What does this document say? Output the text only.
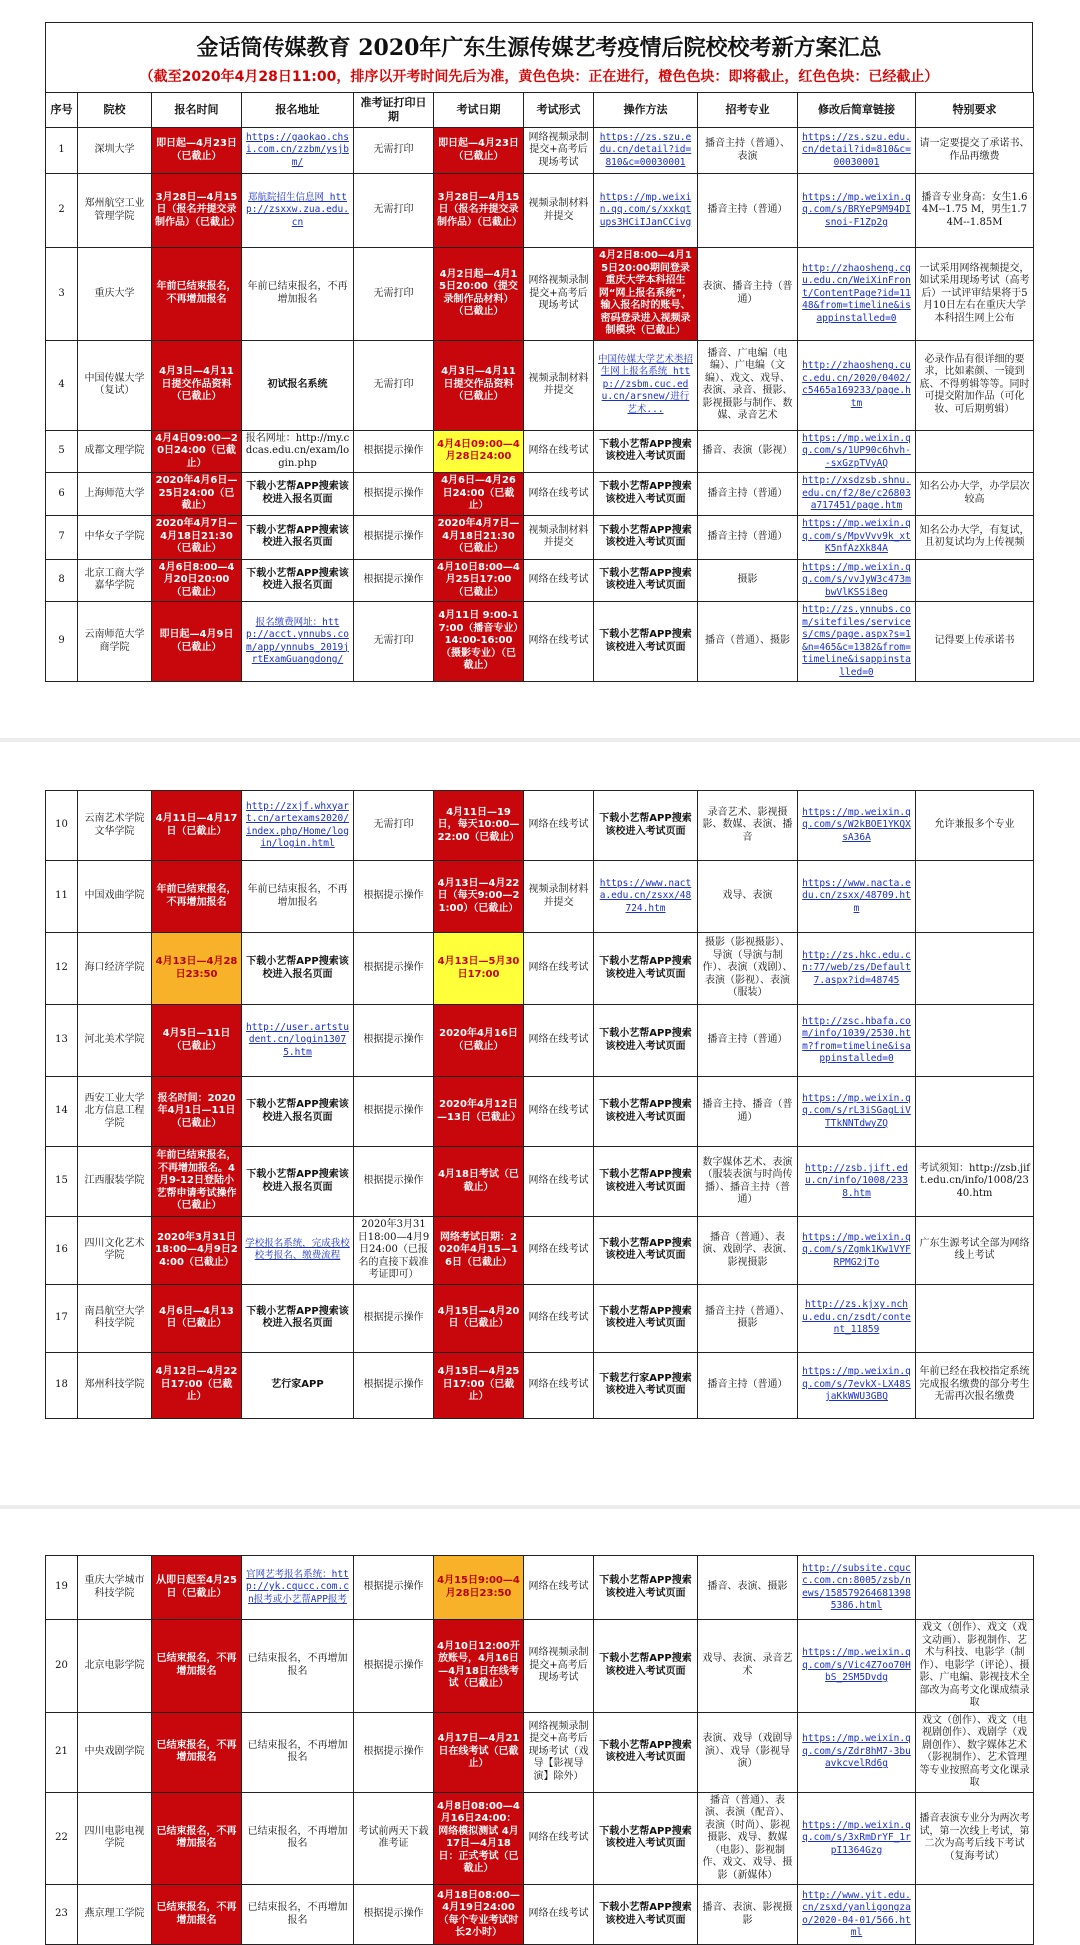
金话筒传媒教育 2020年广东生源传媒艺考疫情后院校校考新方案汇总
（截至2020年4月28日11:00，排序以开考时间先后为准，黄色色块：正在进行，橙色色块：即将截止，红色色块：已经截止）
序号	院校	报名时间	报名地址	准考证打印日期	考试日期	考试形式	操作方法	招考专业	修改后简章链接	特别要求
1	深圳大学	即日起—4月23日（已截止）	https://gaokao.chsi.com.cn/zzbm/ysjbm/	无需打印	即日起—4月23日（已截止）	网络视频录制提交+高考后现场考试	https://zs.szu.edu.cn/detail?id=810&c=00030001	播音主持（普通）、表演	https://zs.szu.edu.cn/detail?id=810&c=00030001	请一定要提交了承诺书、作品再缴费
2	郑州航空工业管理学院	3月28日—4月15日（报名并提交录制作品）（已截止）	郑航院招生信息网 http://zsxxw.zua.edu.cn	无需打印	3月28日—4月15日（报名并提交录制作品）（已截止）	视频录制材料并提交	https://mp.weixin.qq.com/s/xxkqtups3HCiIJanCCivg	播音主持（普通）	https://mp.weixin.qq.com/s/BRYeP9M94DIsnoi-F1Zp2g	播音专业身高：女生1.64M--1.75 M，男生1.74M--1.85M
3	重庆大学	年前已结束报名，不再增加报名	年前已结束报名，不再增加报名	无需打印	4月2日起—4月15日20:00（提交录制作品材料）（已截止）	网络视频录制提交+高考后现场考试	4月2日8:00—4月15日20:00期间登录重庆大学本科招生网“网上报名系统”，输入报名时的账号、密码登录进入视频录制模块（已截止）	表演、播音主持（普通）	http://zhaosheng.cqu.edu.cn/WeiXinFront/ContentPage?id=1148&from=timeline&isappinstalled=0	一试采用网络视频提交，如试采用现场考试（高考后）一试评审结果将于5月10日左右在重庆大学本科招生网上公布
4	中国传媒大学（复试）	4月3日—4月11日提交作品资料（已截止）	初试报名系统	无需打印	4月3日—4月11日提交作品资料（已截止）	视频录制材料并提交	中国传媒大学艺术类招生网上报名系统 http://zsbm.cuc.edu.cn/arsnew/进行艺术...	播音、广电编（电编）、广电编（文编）、戏文、戏导、表演、录音、摄影、影视摄影与制作、数媒、录音艺术	http://zhaosheng.cuc.edu.cn/2020/0402/c5465a169233/page.htm	必录作品有很详细的要求，比如素颜、一镜到底、不得剪辑等等。同时可提交附加作品（可化妆、可后期剪辑）
5	成都文理学院	4月4日09:00—20日24:00（已截止）	报名网址：http://my.cdcas.edu.cn/exam/login.php	根据提示操作	4月4日09:00—4月28日24:00	网络在线考试	下载小艺帮APP搜索该校进入考试页面	播音、表演（影视）	https://mp.weixin.qq.com/s/1UP90c6hvh--sxGzpTVyAQ	
6	上海师范大学	2020年4月6日—25日24:00（已截止）	下载小艺帮APP搜索该校进入报名页面	根据提示操作	4月6日—4月26日24:00（已截止）	网络在线考试	下载小艺帮APP搜索该校进入考试页面	播音主持（普通）	http://xsdzsb.shnu.edu.cn/f2/8e/c26803a717451/page.htm	知名公办大学，办学层次较高
7	中华女子学院	2020年4月7日—4月18日21:30（已截止）	下载小艺帮APP搜索该校进入报名页面	根据提示操作	2020年4月7日—4月18日21:30（已截止）	视频录制材料并提交	下载小艺帮APP搜索该校进入考试页面	播音主持（普通）	https://mp.weixin.qq.com/s/MpvVvv9k_xtK5nfAzXk84A	知名公办大学，有复试，且初复试均为上传视频
8	北京工商大学嘉华学院	4月6日8:00—4月20日20:00（已截止）	下载小艺帮APP搜索该校进入报名页面	根据提示操作	4月10日8:00—4月25日17:00（已截止）	网络在线考试	下载小艺帮APP搜索该校进入考试页面	摄影	https://mp.weixin.qq.com/s/vvJyW3c473mbwVlKSSi8eg	
9	云南师范大学商学院	即日起—4月9日（已截止）	报名缴费网址：http://acct.ynnubs.com/app/ynnubs_2019jrtExamGuangdong/	无需打印	4月11日 9:00-17:00（播音专业）14:00-16:00（摄影专业）（已截止）	网络在线考试	下载小艺帮APP搜索该校进入考试页面	播音（普通）、摄影	http://zs.ynnubs.com/sitefiles/services/cms/page.aspx?s=1&n=465&c=1382&from=timeline&isappinstalled=0	记得要上传承诺书
10	云南艺术学院文华学院	4月11日—4月17日（已截止）	http://zxjf.whxyart.cn/artexams2020/index.php/Home/login/login.html	无需打印	4月11日—19日，每天10:00—22:00（已截止）	网络在线考试	下载小艺帮APP搜索该校进入考试页面	录音艺术、影视摄影、数媒、表演、播音	https://mp.weixin.qq.com/s/W2kBOE1YKQXsA36A	允许兼报多个专业
11	中国戏曲学院	年前已结束报名，不再增加报名	年前已结束报名，不再增加报名	根据提示操作	4月13日—4月22日（每天9:00—21:00）（已截止）	视频录制材料并提交	https://www.nacta.edu.cn/zsxx/48724.htm	戏导、表演	https://www.nacta.edu.cn/zsxx/48709.htm	
12	海口经济学院	4月13日—4月28日23:50	下载小艺帮APP搜索该校进入报名页面	根据提示操作	4月13日—5月30日17:00	网络在线考试	下载小艺帮APP搜索该校进入考试页面	摄影（影视摄影）、导演（导演与制作）、表演（戏剧）、表演（影视）、表演（服装）	http://zs.hkc.edu.cn:77/web/zs/Default7.aspx?id=48745	
13	河北美术学院	4月5日—11日（已截止）	http://user.artstudent.cn/login13075.htm	根据提示操作	2020年4月16日（已截止）	网络在线考试	下载小艺帮APP搜索该校进入考试页面	播音主持（普通）	http://zsc.hbafa.com/info/1039/2530.htm?from=timeline&isappinstalled=0	
14	西安工业大学北方信息工程学院	报名时间：2020年4月1日—11日（已截止）	下载小艺帮APP搜索该校进入报名页面	根据提示操作	2020年4月12日—13日（已截止）	网络在线考试	下载小艺帮APP搜索该校进入考试页面	播音主持、播音（普通）	https://mp.weixin.qq.com/s/rL3iSGagLiVTTkNNTdwyZQ	
15	江西服装学院	年前已结束报名，不再增加报名。4月9-12日登陆小艺帮申请考试操作（已截止）	下载小艺帮APP搜索该校进入报名页面	根据提示操作	4月18日考试（已截止）	网络在线考试	下载小艺帮APP搜索该校进入考试页面	数字媒体艺术、表演（服装表演与时尚传播）、播音主持（普通）	http://zsb.jift.edu.cn/info/1008/2338.htm	考试须知：http://zsb.jift.edu.cn/info/1008/2340.htm
16	四川文化艺术学院	2020年3月31日18:00—4月9日24:00（已截止）	学校报名系统，完成我校校考报名、缴费流程	2020年3月31日18:00—4月9日24:00（已报名的直接下载准考证即可）	网络考试日期：2020年4月15—16日（已截止）	网络在线考试	下载小艺帮APP搜索该校进入考试页面	播音（普通）、表演、戏剧学、表演、影视摄影	https://mp.weixin.qq.com/s/Zgmk1Kw1VYFRPMG2jTo	广东生源考试全部为网络线上考试
17	南昌航空大学科技学院	4月6日—4月13日（已截止）	下载小艺帮APP搜索该校进入报名页面	根据提示操作	4月15日—4月20日（已截止）	网络在线考试	下载小艺帮APP搜索该校进入考试页面	播音主持（普通）、摄影	http://zs.kjxy.nchu.edu.cn/zsdt/content_11859	
18	郑州科技学院	4月12日—4月22日17:00（已截止）	艺行家APP	根据提示操作	4月15日—4月25日17:00（已截止）	网络在线考试	下载艺行家APP搜索该校进入考试页面	播音主持（普通）	https://mp.weixin.qq.com/s/7evkX-LX48SjaKkWWU3GBQ	年前已经在我校指定系统完成报名缴费的部分考生无需再次报名缴费
19	重庆大学城市科技学院	从即日起至4月25日（已截止）	官网艺考报名系统：http://yk.cqucc.com.cn报考或小艺帮APP报考	根据提示操作	4月15日9:00—4月28日23:50	网络在线考试	下载小艺帮APP搜索该校进入考试页面	播音、表演、摄影	http://subsite.cqucc.com.cn:8005/zsb/news/1585792646813985386.html	
20	北京电影学院	已结束报名，不再增加报名	已结束报名，不再增加报名	根据提示操作	4月10日12:00开放账号，4月16日—4月18日在线考试（已截止）	网络视频录制提交+高考后现场考试	下载小艺帮APP搜索该校进入考试页面	戏导、表演、录音艺术	https://mp.weixin.qq.com/s/Vic4Z7oo70HbS_2SM5Dvdg	戏文（创作）、戏文（戏文动画）、影视制作、艺术与科技、电影学（制作）、电影学（评论）、摄影、广电编、影视技术全部改为高考文化课成绩录取
21	中央戏剧学院	已结束报名，不再增加报名	已结束报名，不再增加报名	根据提示操作	4月17日—4月21日在线考试（已截止）	网络视频录制提交+高考后现场考试（戏导【影视导演】除外）	下载小艺帮APP搜索该校进入考试页面	表演、戏导（戏剧导演）、戏导（影视导演）	https://mp.weixin.qq.com/s/Zdr8hM7-3buavkcvelRd6g	戏文（创作）、戏文（电视剧创作）、戏剧学（戏剧创作）、数字媒体艺术（影视制作）、艺术管理等专业按照高考文化课录取
22	四川电影电视学院	已结束报名，不再增加报名	已结束报名，不再增加报名	考试前两天下载准考证	4月8日08:00—4月16日24:00：网络模拟测试 4月17日—4月18日：正式考试（已截止）	网络在线考试	下载小艺帮APP搜索该校进入考试页面	播音（普通）、表演、表演（配音）、表演（时尚）、影视摄影、戏导、数媒（电影）、影视制作、戏文、戏导、摄影（新媒体）	https://mp.weixin.qq.com/s/3xRmDrYF_1rpI1364Gzg	播音表演专业分为两次考试，第一次线上考试，第二次为高考后线下考试（复海考试）
23	燕京理工学院	已结束报名，不再增加报名	已结束报名，不再增加报名	根据提示操作	4月18日08:00—4月19日24:00（每个专业考试时长2小时）	网络在线考试	下载小艺帮APP搜索该校进入考试页面	播音、表演、影视摄影	http://www.yit.edu.cn/zsxd/yanligongzao/2020-04-01/566.html	
